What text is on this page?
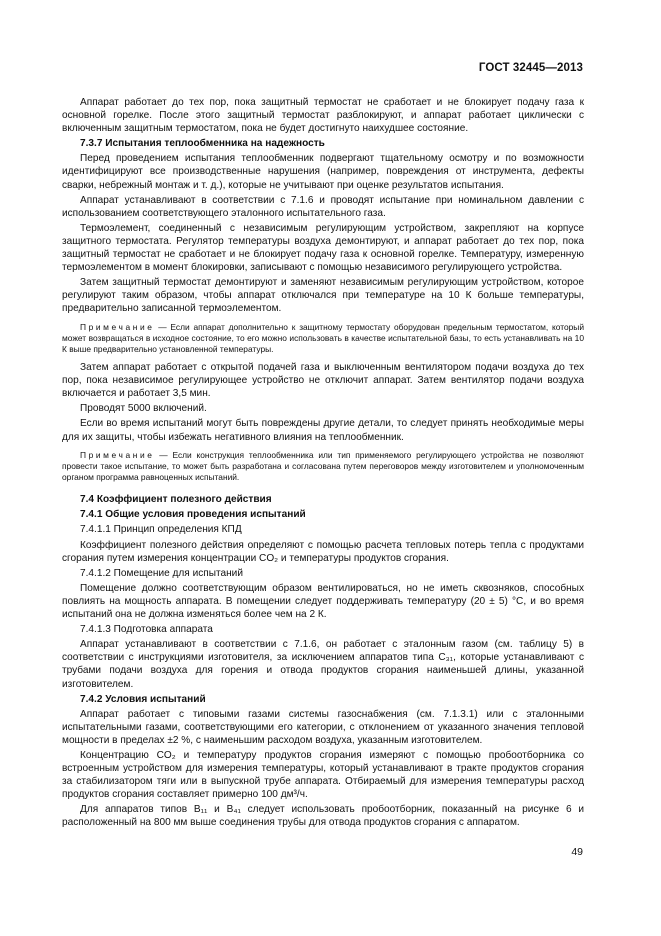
ГОСТ 32445—2013

Аппарат работает до тех пор, пока защитный термостат не сработает и не блокирует подачу газа к основной горелке. После этого защитный термостат разблокируют, и аппарат работает циклически с включенным защитным термостатом, пока не будет достигнуто наихудшее состояние.

7.3.7 Испытания теплообменника на надежность

Перед проведением испытания теплообменник подвергают тщательному осмотру и по возможности идентифицируют все производственные нарушения (например, повреждения от инструмента, дефекты сварки, небрежный монтаж и т. д.), которые не учитывают при оценке результатов испытания.

Аппарат устанавливают в соответствии с 7.1.6 и проводят испытание при номинальном давлении с использованием соответствующего эталонного испытательного газа.

Термоэлемент, соединенный с независимым регулирующим устройством, закрепляют на корпусе защитного термостата. Регулятор температуры воздуха демонтируют, и аппарат работает до тех пор, пока защитный термостат не сработает и не блокирует подачу газа к основной горелке. Температуру, измеренную термоэлементом в момент блокировки, записывают с помощью независимого регулирующего устройства.

Затем защитный термостат демонтируют и заменяют независимым регулирующим устройством, которое регулируют таким образом, чтобы аппарат отключался при температуре на 10 К больше температуры, предварительно записанной термоэлементом.

Примечание — Если аппарат дополнительно к защитному термостату оборудован предельным термостатом, который может возвращаться в исходное состояние, то его можно использовать в качестве испытательной базы, то есть устанавливать на 10 К выше предварительно установленной температуры.

Затем аппарат работает с открытой подачей газа и выключенным вентилятором подачи воздуха до тех пор, пока независимое регулирующее устройство не отключит аппарат. Затем вентилятор подачи воздуха включается и работает 3,5 мин.

Проводят 5000 включений.

Если во время испытаний могут быть повреждены другие детали, то следует принять необходимые меры для их защиты, чтобы избежать негативного влияния на теплообменник.

Примечание — Если конструкция теплообменника или тип применяемого регулирующего устройства не позволяют провести такое испытание, то может быть разработана и согласована путем переговоров между изготовителем и уполномоченным органом программа равноценных испытаний.

7.4 Коэффициент полезного действия

7.4.1 Общие условия проведения испытаний

7.4.1.1 Принцип определения КПД

Коэффициент полезного действия определяют с помощью расчета тепловых потерь тепла с продуктами сгорания путем измерения концентрации CO₂ и температуры продуктов сгорания.

7.4.1.2 Помещение для испытаний

Помещение должно соответствующим образом вентилироваться, но не иметь сквозняков, способных повлиять на мощность аппарата. В помещении следует поддерживать температуру (20 ± 5) °С, и во время испытаний она не должна изменяться более чем на 2 К.

7.4.1.3 Подготовка аппарата

Аппарат устанавливают в соответствии с 7.1.6, он работает с эталонным газом (см. таблицу 5) в соответствии с инструкциями изготовителя, за исключением аппаратов типа C₃₁, которые устанавливают с трубами подачи воздуха для горения и отвода продуктов сгорания наименьшей длины, указанной изготовителем.

7.4.2 Условия испытаний

Аппарат работает с типовыми газами системы газоснабжения (см. 7.1.3.1) или с эталонными испытательными газами, соответствующими его категории, с отклонением от указанного значения тепловой мощности в пределах ±2 %, с наименьшим расходом воздуха, указанным изготовителем.

Концентрацию CO₂ и температуру продуктов сгорания измеряют с помощью пробоотборника со встроенным устройством для измерения температуры, который устанавливают в тракте продуктов сгорания за стабилизатором тяги или в выпускной трубе аппарата. Отбираемый для измерения температуры расход продуктов сгорания составляет примерно 100 дм³/ч.

Для аппаратов типов B₁₁ и B₄₁ следует использовать пробоотборник, показанный на рисунке 6 и расположенный на 800 мм выше соединения трубы для отвода продуктов сгорания с аппаратом.

49
